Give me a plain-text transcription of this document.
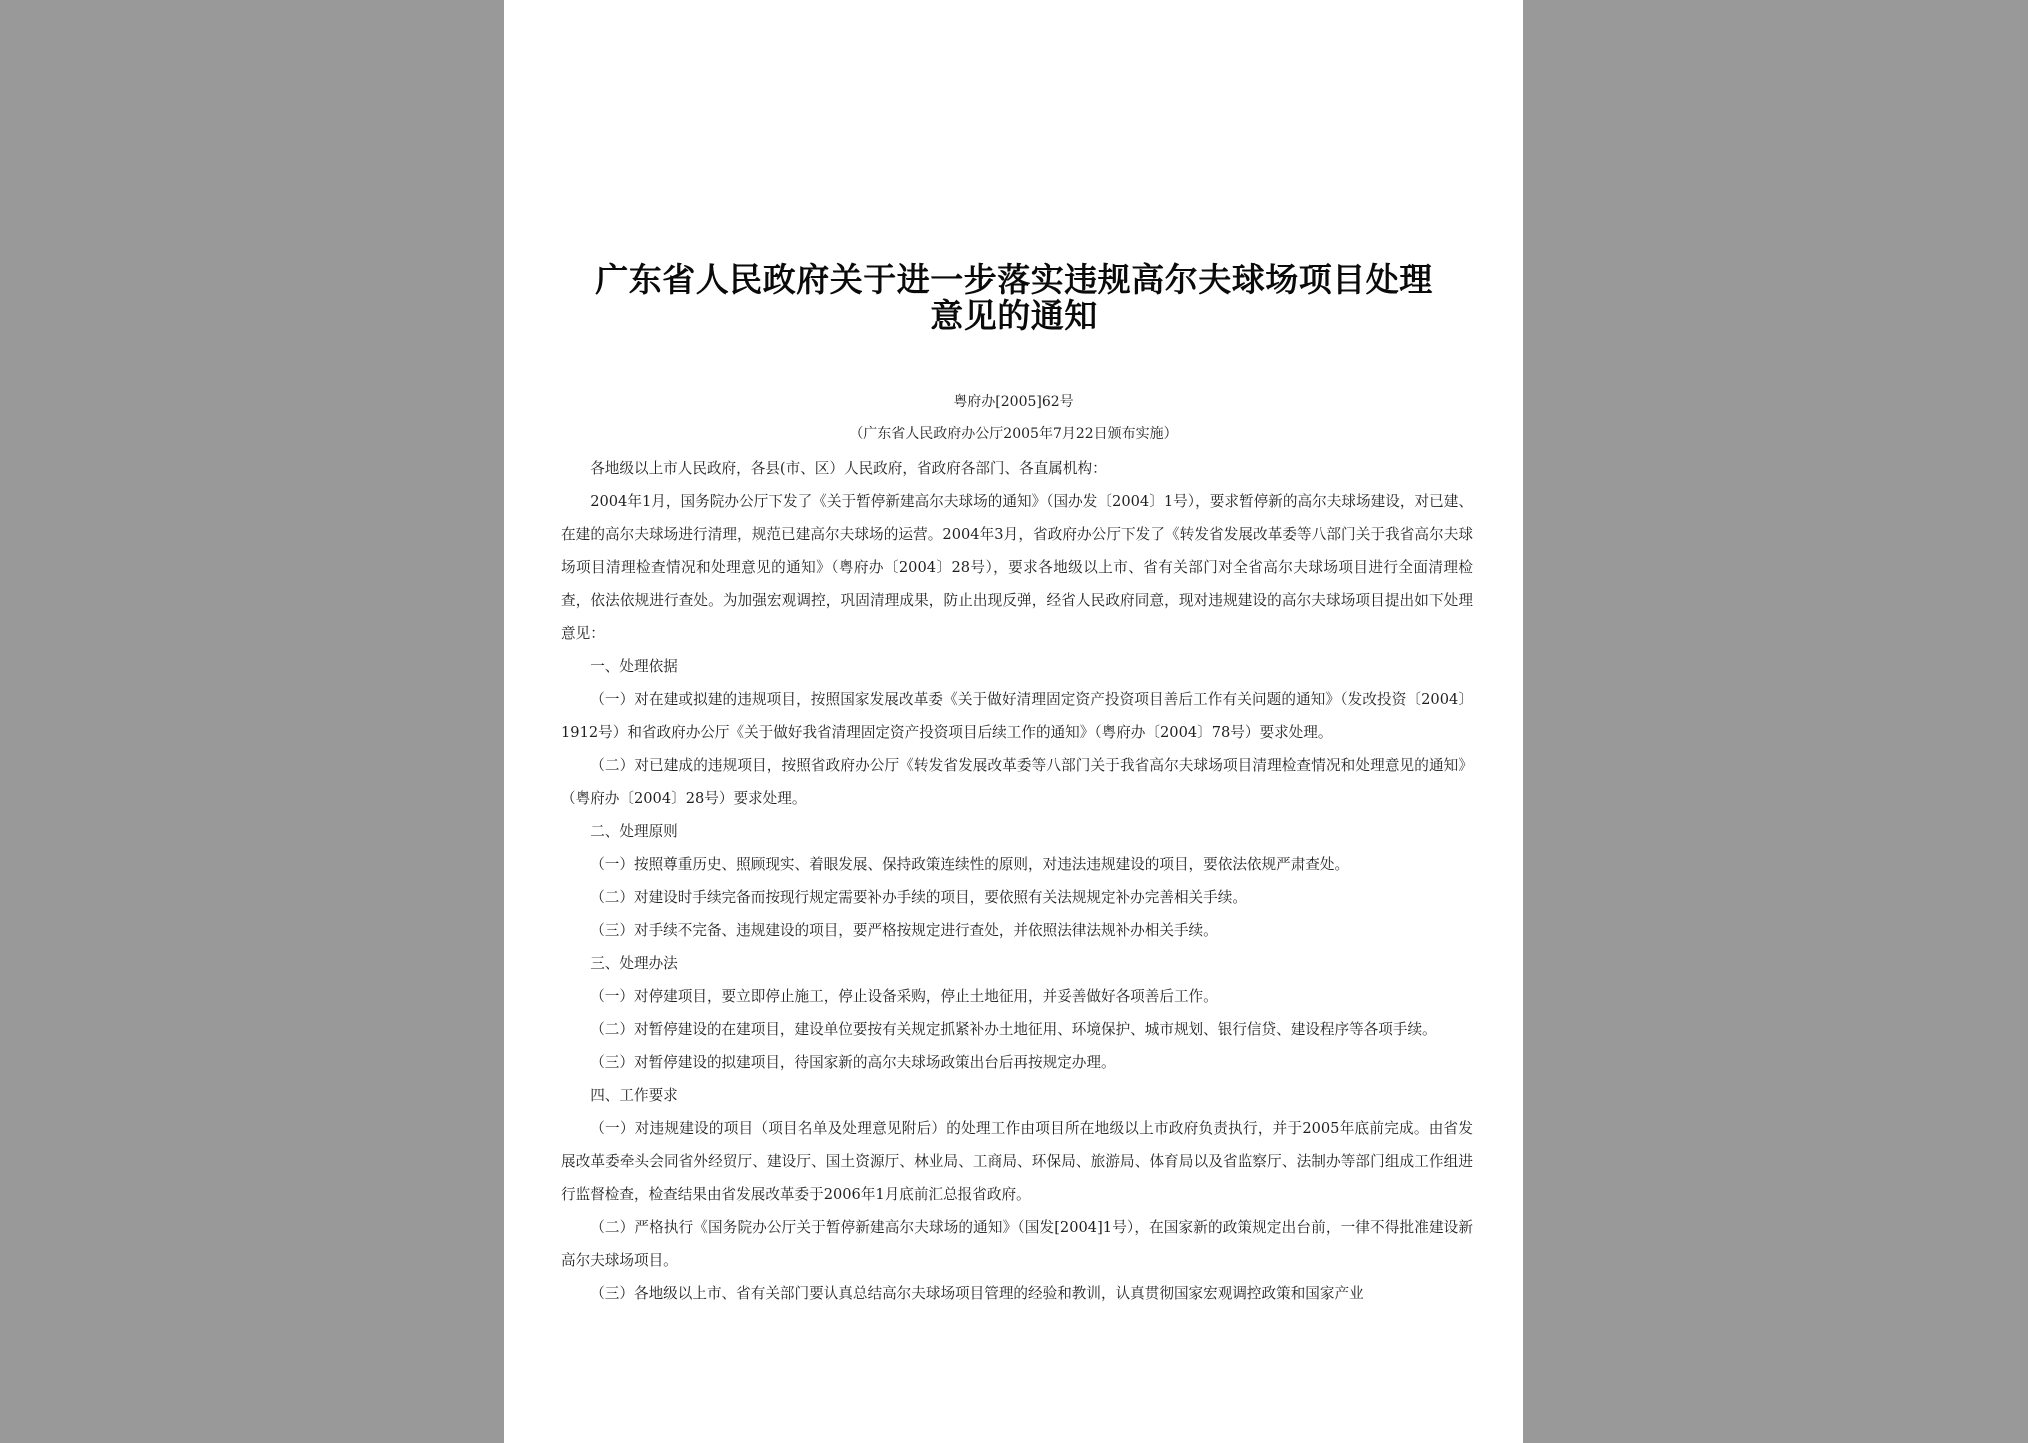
广东省人民政府关于进一步落实违规高尔夫球场项目处理意见的通知
粤府办[2005]62号
（广东省人民政府办公厅2005年7月22日颁布实施）

各地级以上市人民政府，各县(市、区）人民政府，省政府各部门、各直属机构：

2004年1月，国务院办公厅下发了《关于暂停新建高尔夫球场的通知》（国办发〔2004〕1号），要求暂停新的高尔夫球场建设，对已建、在建的高尔夫球场进行清理，规范已建高尔夫球场的运营。2004年3月，省政府办公厅下发了《转发省发展改革委等八部门关于我省高尔夫球场项目清理检查情况和处理意见的通知》（粤府办〔2004〕28号），要求各地级以上市、省有关部门对全省高尔夫球场项目进行全面清理检查，依法依规进行查处。为加强宏观调控，巩固清理成果，防止出现反弹，经省人民政府同意，现对违规建设的高尔夫球场项目提出如下处理意见：

一、处理依据

（一）对在建或拟建的违规项目，按照国家发展改革委《关于做好清理固定资产投资项目善后工作有关问题的通知》（发改投资〔2004〕1912号）和省政府办公厅《关于做好我省清理固定资产投资项目后续工作的通知》（粤府办〔2004〕78号）要求处理。

（二）对已建成的违规项目，按照省政府办公厅《转发省发展改革委等八部门关于我省高尔夫球场项目清理检查情况和处理意见的通知》（粤府办〔2004〕28号）要求处理。

二、处理原则

（一）按照尊重历史、照顾现实、着眼发展、保持政策连续性的原则，对违法违规建设的项目，要依法依规严肃查处。

（二）对建设时手续完备而按现行规定需要补办手续的项目，要依照有关法规规定补办完善相关手续。

（三）对手续不完备、违规建设的项目，要严格按规定进行查处，并依照法律法规补办相关手续。

三、处理办法

（一）对停建项目，要立即停止施工，停止设备采购，停止土地征用，并妥善做好各项善后工作。

（二）对暂停建设的在建项目，建设单位要按有关规定抓紧补办土地征用、环境保护、城市规划、银行信贷、建设程序等各项手续。

（三）对暂停建设的拟建项目，待国家新的高尔夫球场政策出台后再按规定办理。

四、工作要求

（一）对违规建设的项目（项目名单及处理意见附后）的处理工作由项目所在地级以上市政府负责执行，并于2005年底前完成。由省发展改革委牵头会同省外经贸厅、建设厅、国土资源厅、林业局、工商局、环保局、旅游局、体育局以及省监察厅、法制办等部门组成工作组进行监督检查，检查结果由省发展改革委于2006年1月底前汇总报省政府。

（二）严格执行《国务院办公厅关于暂停新建高尔夫球场的通知》（国发[2004]1号），在国家新的政策规定出台前，一律不得批准建设新高尔夫球场项目。

（三）各地级以上市、省有关部门要认真总结高尔夫球场项目管理的经验和教训，认真贯彻国家宏观调控政策和国家产业
